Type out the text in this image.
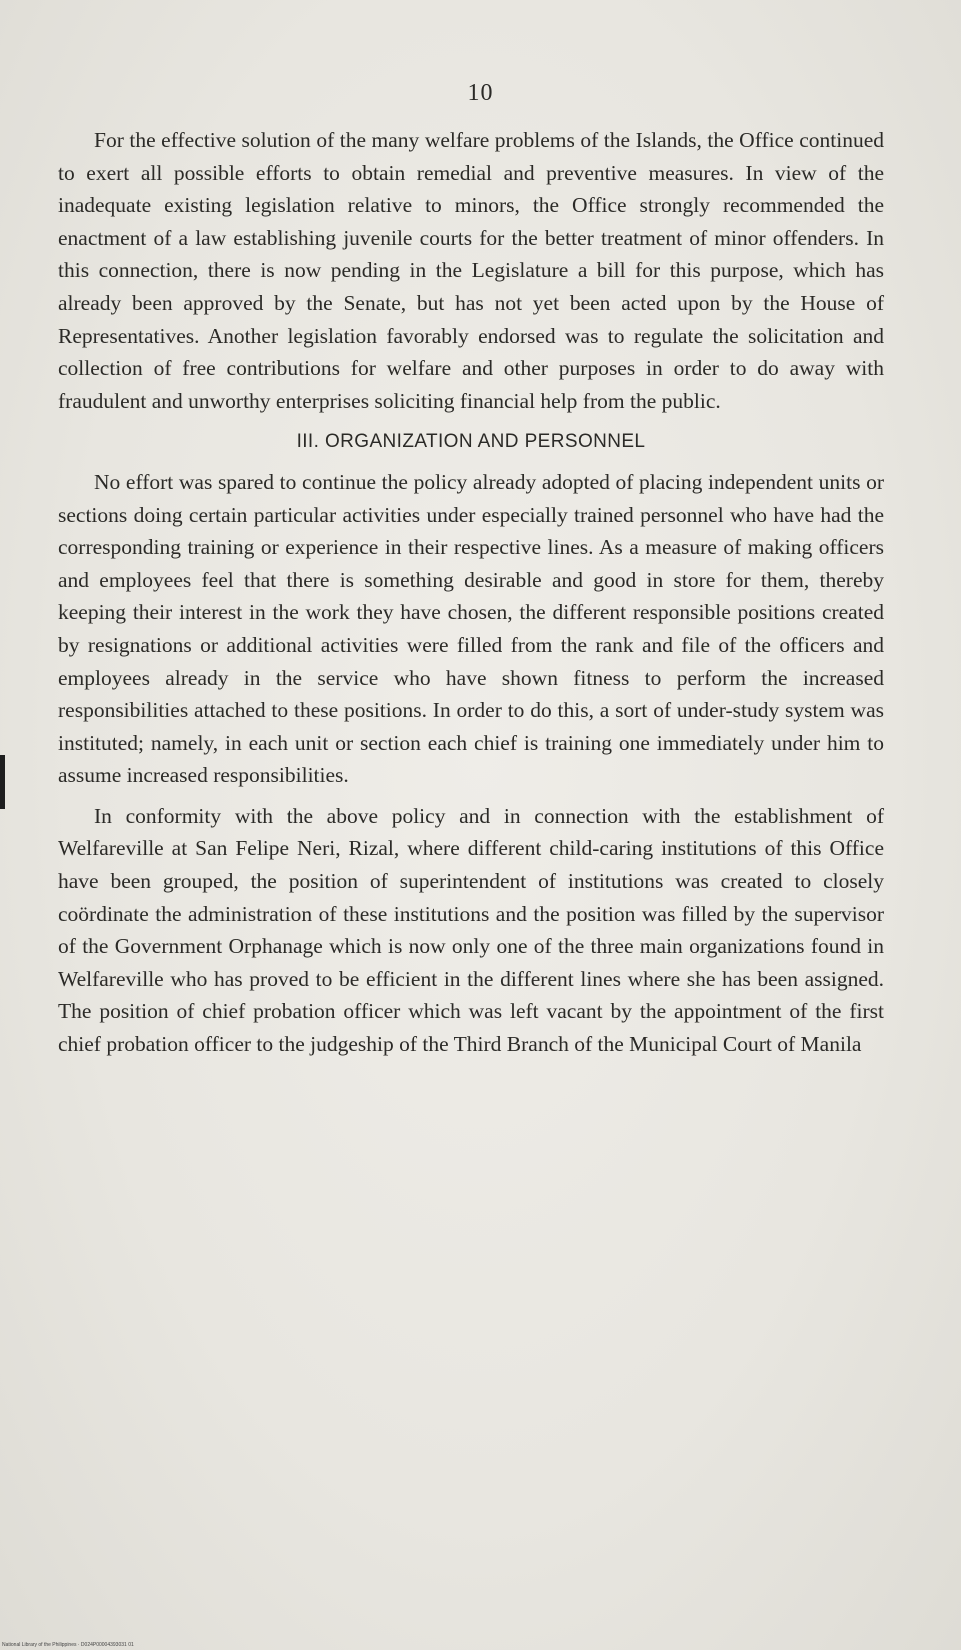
10

For the effective solution of the many welfare problems of the Islands, the Office continued to exert all possible efforts to obtain remedial and preventive measures. In view of the inadequate existing legislation relative to minors, the Office strongly recommended the enactment of a law establishing juvenile courts for the better treatment of minor offenders. In this connection, there is now pending in the Legislature a bill for this purpose, which has already been approved by the Senate, but has not yet been acted upon by the House of Representatives. Another legislation favorably endorsed was to regulate the solicitation and collection of free contributions for welfare and other purposes in order to do away with fraudulent and unworthy enterprises soliciting financial help from the public.

III. ORGANIZATION AND PERSONNEL

No effort was spared to continue the policy already adopted of placing independent units or sections doing certain particular activities under especially trained personnel who have had the corresponding training or experience in their respective lines. As a measure of making officers and employees feel that there is something desirable and good in store for them, thereby keeping their interest in the work they have chosen, the different responsible positions created by resignations or additional activities were filled from the rank and file of the officers and employees already in the service who have shown fitness to perform the increased responsibilities attached to these positions. In order to do this, a sort of under-study system was instituted; namely, in each unit or section each chief is training one immediately under him to assume increased responsibilities.

In conformity with the above policy and in connection with the establishment of Welfareville at San Felipe Neri, Rizal, where different child-caring institutions of this Office have been grouped, the position of superintendent of institutions was created to closely coördinate the administration of these institutions and the position was filled by the supervisor of the Government Orphanage which is now only one of the three main organizations found in Welfareville who has proved to be efficient in the different lines where she has been assigned. The position of chief probation officer which was left vacant by the appointment of the first chief probation officer to the judgeship of the Third Branch of the Municipal Court of Manila

National Library of the Philippines · D024P00004393031 01
